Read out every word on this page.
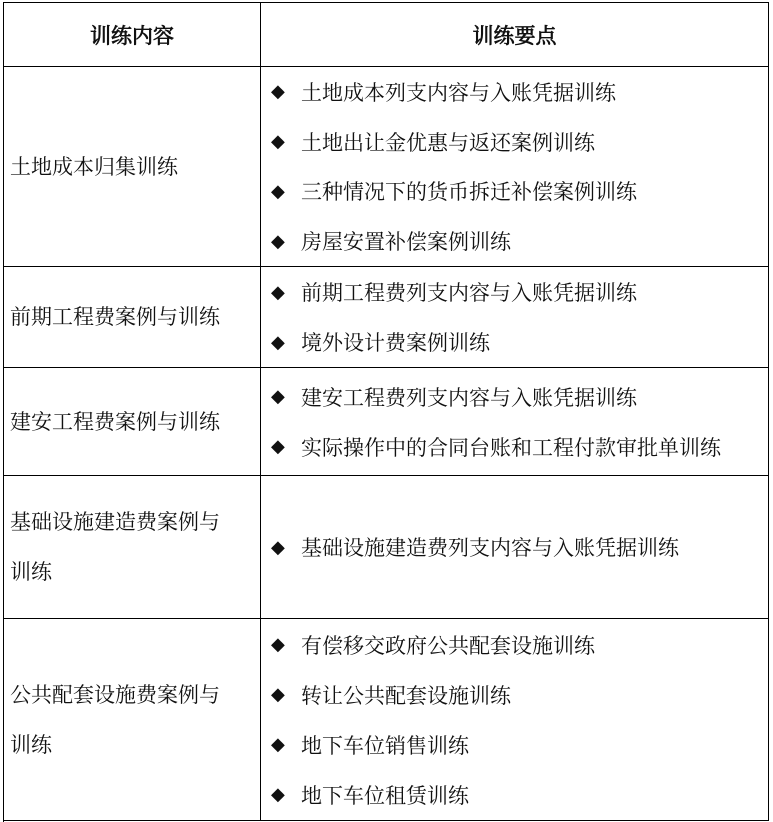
训练内容	训练要点
土地成本归集训练
◆ 土地成本列支内容与入账凭据训练
◆ 土地出让金优惠与返还案例训练
◆ 三种情况下的货币拆迁补偿案例训练
◆ 房屋安置补偿案例训练
前期工程费案例与训练
◆ 前期工程费列支内容与入账凭据训练
◆ 境外设计费案例训练
建安工程费案例与训练
◆ 建安工程费列支内容与入账凭据训练
◆ 实际操作中的合同台账和工程付款审批单训练
基础设施建造费案例与
训练
◆ 基础设施建造费列支内容与入账凭据训练
公共配套设施费案例与
训练
◆ 有偿移交政府公共配套设施训练
◆ 转让公共配套设施训练
◆ 地下车位销售训练
◆ 地下车位租赁训练
